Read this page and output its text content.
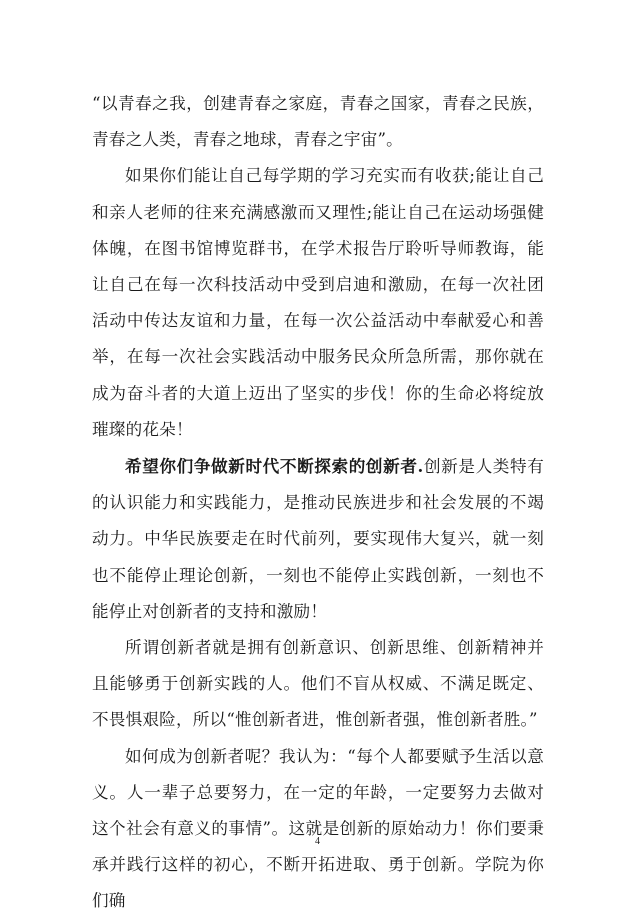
“以青春之我，创建青春之家庭，青春之国家，青春之民族，青春之人类，青春之地球，青春之宇宙”。

如果你们能让自己每学期的学习充实而有收获;能让自己和亲人老师的往来充满感激而又理性;能让自己在运动场强健体魄，在图书馆博览群书，在学术报告厅聆听导师教诲，能让自己在每一次科技活动中受到启迪和激励，在每一次社团活动中传达友谊和力量，在每一次公益活动中奉献爱心和善举，在每一次社会实践活动中服务民众所急所需，那你就在成为奋斗者的大道上迈出了坚实的步伐！你的生命必将绽放璀璨的花朵！

希望你们争做新时代不断探索的创新者.创新是人类特有的认识能力和实践能力，是推动民族进步和社会发展的不竭动力。中华民族要走在时代前列，要实现伟大复兴，就一刻也不能停止理论创新，一刻也不能停止实践创新，一刻也不能停止对创新者的支持和激励！

所谓创新者就是拥有创新意识、创新思维、创新精神并且能够勇于创新实践的人。他们不盲从权威、不满足既定、不畏惧艰险，所以“惟创新者进，惟创新者强，惟创新者胜。”

如何成为创新者呢？我认为：“每个人都要赋予生活以意义。人一辈子总要努力，在一定的年龄，一定要努力去做对这个社会有意义的事情”。这就是创新的原始动力！你们要秉承并践行这样的初心，不断开拓进取、勇于创新。学院为你们确

4
